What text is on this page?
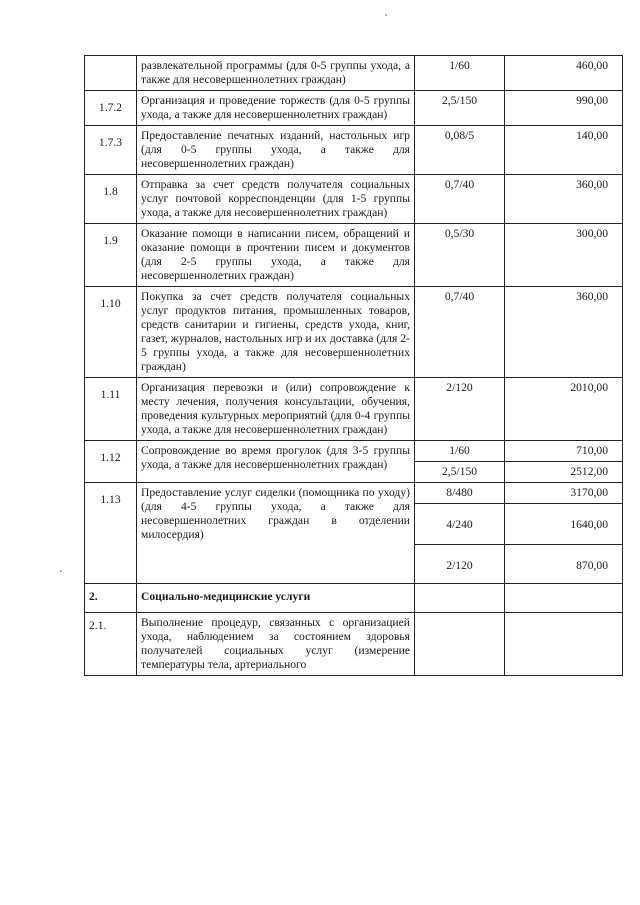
	развлекательной программы (для 0-5 группы ухода, а также для несовершеннолетних граждан)	1/60	460,00
1.7.2	Организация и проведение торжеств (для 0-5 группы ухода, а также для несовершеннолетних граждан)	2,5/150	990,00
1.7.3	Предоставление печатных изданий, настольных игр (для 0-5 группы ухода, а также для несовершеннолетних граждан)	0,08/5	140,00
1.8	Отправка за счет средств получателя социальных услуг почтовой корреспонденции (для 1-5 группы ухода, а также для несовершеннолетних граждан)	0,7/40	360,00
1.9	Оказание помощи в написании писем, обращений и оказание помощи в прочтении писем и документов (для 2-5 группы ухода, а также для несовершеннолетних граждан)	0,5/30	300,00
1.10	Покупка за счет средств получателя социальных услуг продуктов питания, промышленных товаров, средств санитарии и гигиены, средств ухода, книг, газет, журналов, настольных игр и их доставка (для 2-5 группы ухода, а также для несовершеннолетних граждан)	0,7/40	360,00
1.11	Организация перевозки и (или) сопровождение к месту лечения, получения консультации, обучения, проведения культурных мероприятий (для 0-4 группы ухода, а также для несовершеннолетних граждан)	2/120	2010,00
1.12	Сопровождение во время прогулок (для 3-5 группы ухода, а также для несовершеннолетних граждан)	1/60	710,00
		2,5/150	2512,00
1.13	Предоставление услуг сиделки (помощника по уходу) (для 4-5 группы ухода, а также для несовершеннолетних граждан в отделении милосердия)	8/480	3170,00
		4/240	1640,00
		2/120	870,00
2.	Социально-медицинские услуги		
2.1.	Выполнение процедур, связанных с организацией ухода, наблюдением за состоянием здоровья получателей социальных услуг (измерение температуры тела, артериального		
